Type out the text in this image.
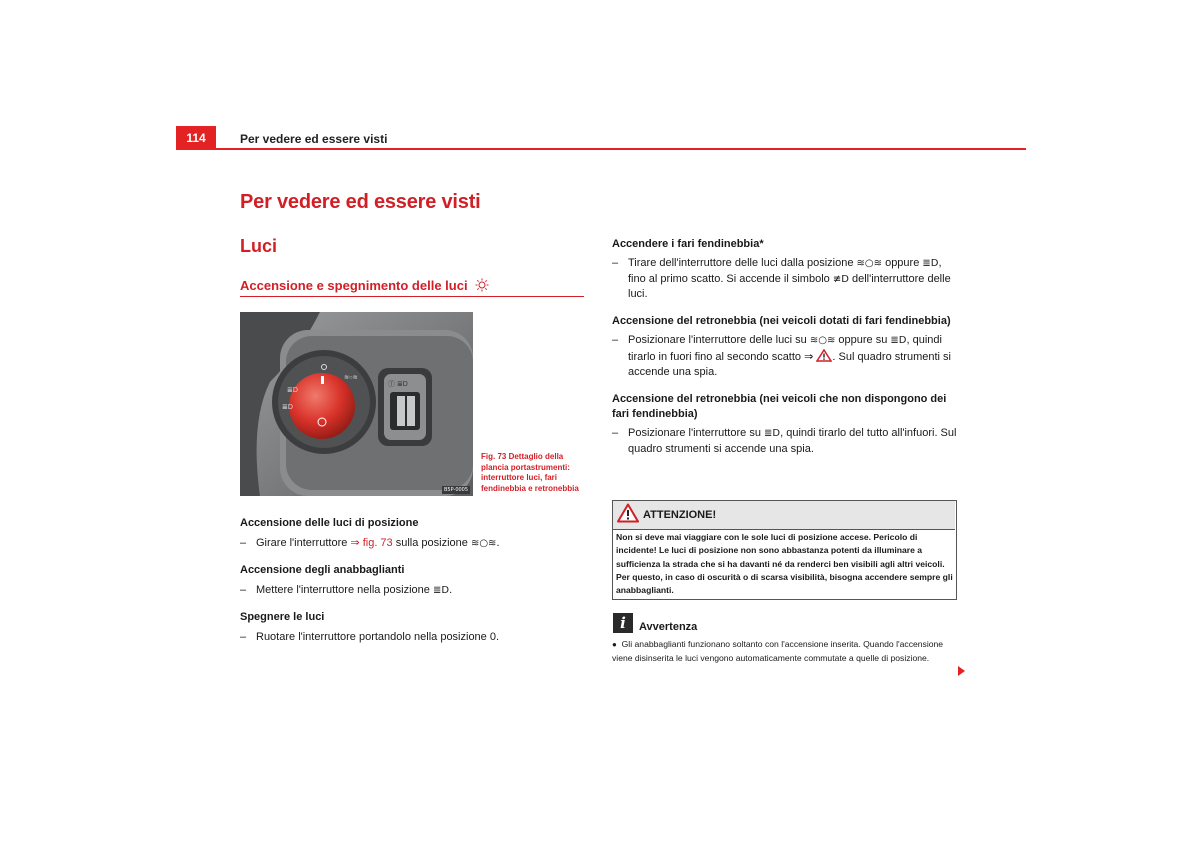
114	Per vedere ed essere visti
Per vedere ed essere visti
Luci
Accensione e spegnimento delle luci
≋○≋
≣D
≣D
ⓕ ≣D
B5P-0005
Fig. 73 Dettaglio della plancia portastrumenti: interruttore luci, fari fendinebbia e retronebbia
Accensione delle luci di posizione
– Girare l'interruttore ⇒ fig. 73 sulla posizione ≋○≋.
Accensione degli anabbaglianti
– Mettere l'interruttore nella posizione ≣D.
Spegnere le luci
– Ruotare l'interruttore portandolo nella posizione 0.
Accendere i fari fendinebbia*
– Tirare dell'interruttore delle luci dalla posizione ≋○≋ oppure ≣D, fino al primo scatto. Si accende il simbolo ≢D dell'interruttore delle luci.
Accensione del retronebbia (nei veicoli dotati di fari fendinebbia)
– Posizionare l'interruttore delle luci su ≋○≋ oppure su ≣D, quindi tirarlo in fuori fino al secondo scatto ⇒ . Sul quadro strumenti si accende una spia.
Accensione del retronebbia (nei veicoli che non dispongono dei fari fendinebbia)
– Posizionare l'interruttore su ≣D, quindi tirarlo del tutto all'infuori. Sul quadro strumenti si accende una spia.
ATTENZIONE!
Non si deve mai viaggiare con le sole luci di posizione accese. Pericolo di incidente! Le luci di posizione non sono abbastanza potenti da illuminare a sufficienza la strada che si ha davanti né da renderci ben visibili agli altri veicoli. Per questo, in caso di oscurità o di scarsa visibilità, bisogna accendere sempre gli anabbaglianti.
i	Avvertenza
● Gli anabbaglianti funzionano soltanto con l'accensione inserita. Quando l'accensione viene disinserita le luci vengono automaticamente commutate a quelle di posizione.
